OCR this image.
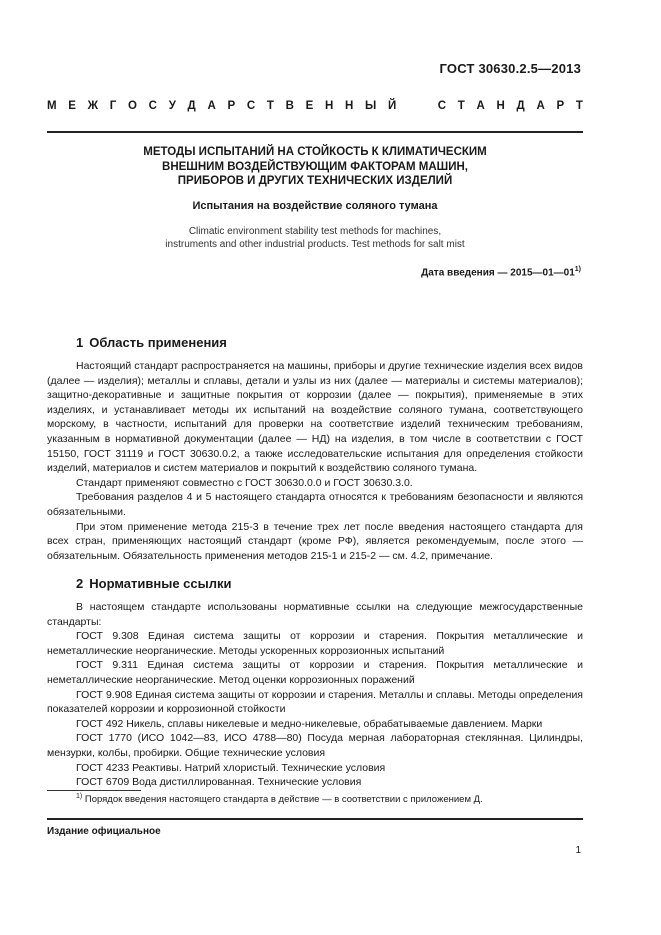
ГОСТ 30630.2.5—2013
М Е Ж Г О С У Д А Р С Т В Е Н Н Ы Й

	С Т А Н Д А Р Т
МЕТОДЫ ИСПЫТАНИЙ НА СТОЙКОСТЬ К КЛИМАТИЧЕСКИМ
ВНЕШНИМ ВОЗДЕЙСТВУЮЩИМ ФАКТОРАМ МАШИН,
ПРИБОРОВ И ДРУГИХ ТЕХНИЧЕСКИХ ИЗДЕЛИЙ
Испытания на воздействие соляного тумана
Climatic environment stability test methods for machines,
instruments and other industrial products. Test methods for salt mist
Дата введения — 2015—01—01$^{1)}$
1 Область применения

Настоящий стандарт распространяется на машины, приборы и другие технические изделия всех видов (далее — изделия); металлы и сплавы, детали и узлы из них (далее — материалы и системы материалов); защитно-декоративные и защитные покрытия от коррозии (далее — покрытия), применяемые в этих изделиях, и устанавливает методы их испытаний на воздействие соляного тумана, соответствующего морскому, в частности, испытаний для проверки на соответствие изделий техническим требованиям, указанным в нормативной документации (далее — НД) на изделия, в том числе в соответствии с ГОСТ 15150, ГОСТ 31119 и ГОСТ 30630.0.2, а также исследовательские испытания для определения стойкости изделий, материалов и систем материалов и покрытий к воздействию соляного тумана.

Стандарт применяют совместно с ГОСТ 30630.0.0 и ГОСТ 30630.3.0.

Требования разделов 4 и 5 настоящего стандарта относятся к требованиям безопасности и являются обязательными.

При этом применение метода 215-3 в течение трех лет после введения настоящего стандарта для всех стран, применяющих настоящий стандарт (кроме РФ), является рекомендуемым, после этого — обязательным. Обязательность применения методов 215-1 и 215-2 — см. 4.2, примечание.

2 Нормативные ссылки

В настоящем стандарте использованы нормативные ссылки на следующие межгосударственные стандарты:

ГОСТ 9.308 Единая система защиты от коррозии и старения. Покрытия металлические и неметаллические неорганические. Методы ускоренных коррозионных испытаний

ГОСТ 9.311 Единая система защиты от коррозии и старения. Покрытия металлические и неметаллические неорганические. Метод оценки коррозионных поражений

ГОСТ 9.908 Единая система защиты от коррозии и старения. Металлы и сплавы. Методы определения показателей коррозии и коррозионной стойкости

ГОСТ 492 Никель, сплавы никелевые и медно-никелевые, обрабатываемые давлением. Марки

ГОСТ 1770 (ИСО 1042—83, ИСО 4788—80) Посуда мерная лабораторная стеклянная. Цилиндры, мензурки, колбы, пробирки. Общие технические условия

ГОСТ 4233 Реактивы. Натрий хлористый. Технические условия

ГОСТ 6709 Вода дистиллированная. Технические условия

$^{1)}$ Порядок введения настоящего стандарта в действие — в соответствии с приложением Д.
Издание официальное
1
